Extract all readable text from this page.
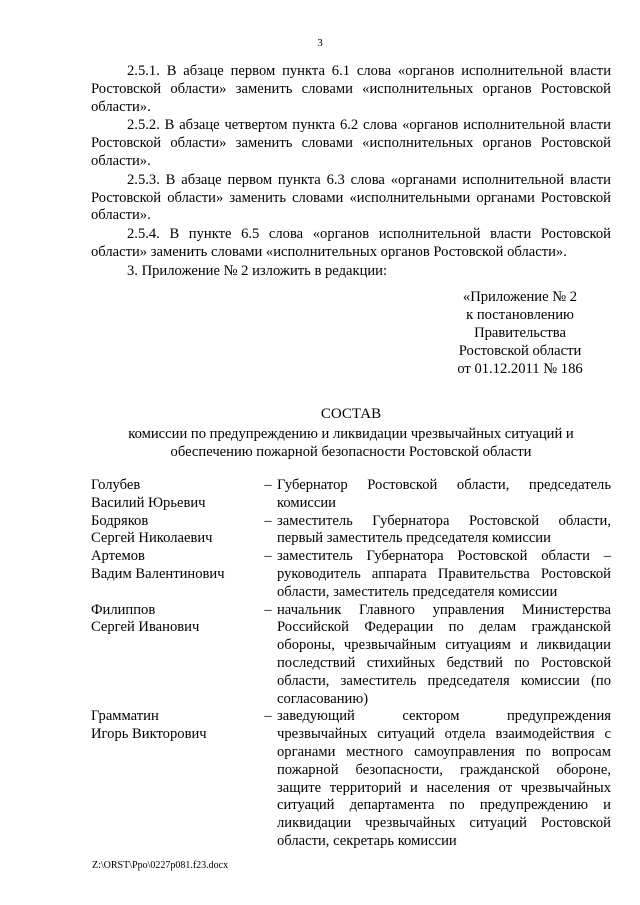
3

2.5.1. В абзаце первом пункта 6.1 слова «органов исполнительной власти Ростовской области» заменить словами «исполнительных органов Ростовской области».

2.5.2. В абзаце четвертом пункта 6.2 слова «органов исполнительной власти Ростовской области» заменить словами «исполнительных органов Ростовской области».

2.5.3. В абзаце первом пункта 6.3 слова «органами исполнительной власти Ростовской области» заменить словами «исполнительными органами Ростовской области».

2.5.4. В пункте 6.5 слова «органов исполнительной власти Ростовской области» заменить словами «исполнительных органов Ростовской области».

3. Приложение № 2 изложить в редакции:

«Приложение № 2
к постановлению
Правительства
Ростовской области
от 01.12.2011 № 186
СОСТАВ
комиссии по предупреждению и ликвидации чрезвычайных ситуаций и обеспечению пожарной безопасности Ростовской области
Голубев
Василий Юрьевич
– Губернатор Ростовской области, председатель комиссии
Бодряков
Сергей Николаевич
– заместитель Губернатора Ростовской области, первый заместитель председателя комиссии
Артемов
Вадим Валентинович
– заместитель Губернатора Ростовской области – руководитель аппарата Правительства Ростовской области, заместитель председателя комиссии
Филиппов
Сергей Иванович
– начальник Главного управления Министерства Российской Федерации по делам гражданской обороны, чрезвычайным ситуациям и ликвидации последствий стихийных бедствий по Ростовской области, заместитель председателя комиссии (по согласованию)
Грамматин
Игорь Викторович
– заведующий сектором предупреждения чрезвычайных ситуаций отдела взаимодействия с органами местного самоуправления по вопросам пожарной безопасности, гражданской обороне, защите территорий и населения от чрезвычайных ситуаций департамента по предупреждению и ликвидации чрезвычайных ситуаций Ростовской области, секретарь комиссии
Z:\ORST\Ppo\0227p081.f23.docx
